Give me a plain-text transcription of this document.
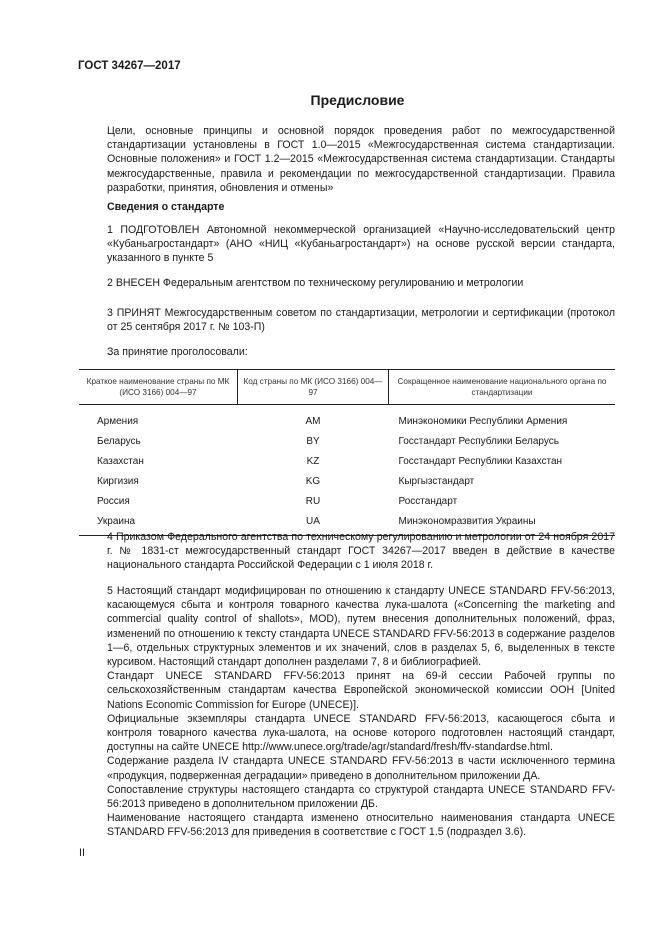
ГОСТ 34267—2017
Предисловие

Цели, основные принципы и основной порядок проведения работ по межгосударственной стандартизации установлены в ГОСТ 1.0—2015 «Межгосударственная система стандартизации. Основные положения» и ГОСТ 1.2—2015 «Межгосударственная система стандартизации. Стандарты межгосударственные, правила и рекомендации по межгосударственной стандартизации. Правила разработки, принятия, обновления и отмены»

Сведения о стандарте

1 ПОДГОТОВЛЕН Автономной некоммерческой организацией «Научно-исследовательский центр «Кубаньагростандарт» (АНО «НИЦ «Кубаньагростандарт») на основе русской версии стандарта, указанного в пункте 5

2 ВНЕСЕН Федеральным агентством по техническому регулированию и метрологии

3 ПРИНЯТ Межгосударственным советом по стандартизации, метрологии и сертификации (протокол от 25 сентября 2017 г. № 103-П)

За принятие проголосовали:

Краткое наименование страны по МК (ИСО 3166) 004—97	Код страны по МК (ИСО 3166) 004—97	Сокращенное наименование национального органа по стандартизации
Армения	AM	Минэкономики Республики Армения
Беларусь	BY	Госстандарт Республики Беларусь
Казахстан	KZ	Госстандарт Республики Казахстан
Киргизия	KG	Кыргызстандарт
Россия	RU	Росстандарт
Украина	UA	Минэкономразвития Украины

4 Приказом Федерального агентства по техническому регулированию и метрологии от 24 ноября 2017 г. № 1831-ст межгосударственный стандарт ГОСТ 34267—2017 введен в действие в качестве национального стандарта Российской Федерации с 1 июля 2018 г.

5 Настоящий стандарт модифицирован по отношению к стандарту UNECE STANDARD FFV-56:2013, касающемуся сбыта и контроля товарного качества лука-шалота («Concerning the marketing and commercial quality control of shallots», MOD), путем внесения дополнительных положений, фраз, изменений по отношению к тексту стандарта UNECE STANDARD FFV-56:2013 в содержание разделов 1—6, отдельных структурных элементов и их значений, слов в разделах 5, 6, выделенных в тексте курсивом. Настоящий стандарт дополнен разделами 7, 8 и библиографией.

Стандарт UNECE STANDARD FFV-56:2013 принят на 69-й сессии Рабочей группы по сельскохозяйственным стандартам качества Европейской экономической комиссии ООН [United Nations Economic Commission for Europe (UNECE)].

Официальные экземпляры стандарта UNECE STANDARD FFV-56:2013, касающегося сбыта и контроля товарного качества лука-шалота, на основе которого подготовлен настоящий стандарт, доступны на сайте UNECE http://www.unece.org/trade/agr/standard/fresh/ffv-standardse.html.

Содержание раздела IV стандарта UNECE STANDARD FFV-56:2013 в части исключенного термина «продукция, подверженная деградации» приведено в дополнительном приложении ДА.

Сопоставление структуры настоящего стандарта со структурой стандарта UNECE STANDARD FFV-56:2013 приведено в дополнительном приложении ДБ.

Наименование настоящего стандарта изменено относительно наименования стандарта UNECE STANDARD FFV-56:2013 для приведения в соответствие с ГОСТ 1.5 (подраздел 3.6).

II
